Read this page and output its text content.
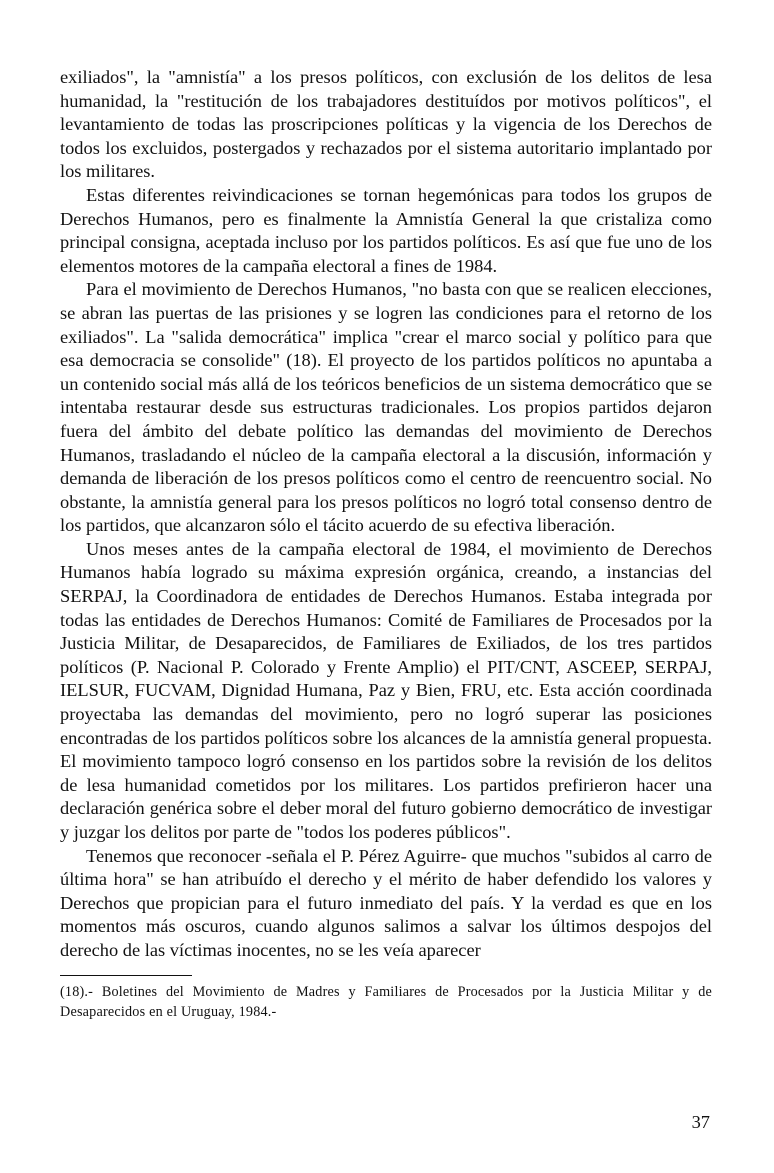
exiliados", la "amnistía" a los presos políticos, con exclusión de los delitos de lesa humanidad, la "restitución de los trabajadores destituídos por motivos políticos", el levantamiento de todas las proscripciones políticas y la vigencia de los Derechos de todos los excluidos, postergados y rechazados por el sistema autoritario implantado por los militares.

Estas diferentes reivindicaciones se tornan hegemónicas para todos los grupos de Derechos Humanos, pero es finalmente la Amnistía General la que cristaliza como principal consigna, aceptada incluso por los partidos políticos. Es así que fue uno de los elementos motores de la campaña electoral a fines de 1984.

Para el movimiento de Derechos Humanos, "no basta con que se realicen elecciones, se abran las puertas de las prisiones y se logren las condiciones para el retorno de los exiliados". La "salida democrática" implica "crear el marco social y político para que esa democracia se consolide" (18). El proyecto de los partidos políticos no apuntaba a un contenido social más allá de los teóricos beneficios de un sistema democrático que se intentaba restaurar desde sus estructuras tradicionales. Los propios partidos dejaron fuera del ámbito del debate político las demandas del movimiento de Derechos Humanos, trasladando el núcleo de la campaña electoral a la discusión, información y demanda de liberación de los presos políticos como el centro de reencuentro social. No obstante, la amnistía general para los presos políticos no logró total consenso dentro de los partidos, que alcanzaron sólo el tácito acuerdo de su efectiva liberación.

Unos meses antes de la campaña electoral de 1984, el movimiento de Derechos Humanos había logrado su máxima expresión orgánica, creando, a instancias del SERPAJ, la Coordinadora de entidades de Derechos Humanos. Estaba integrada por todas las entidades de Derechos Humanos: Comité de Familiares de Procesados por la Justicia Militar, de Desaparecidos, de Familiares de Exiliados, de los tres partidos políticos (P. Nacional P. Colorado y Frente Amplio) el PIT/CNT, ASCEEP, SERPAJ, IELSUR, FUCVAM, Dignidad Humana, Paz y Bien, FRU, etc. Esta acción coordinada proyectaba las demandas del movimiento, pero no logró superar las posiciones encontradas de los partidos políticos sobre los alcances de la amnistía general propuesta. El movimiento tampoco logró consenso en los partidos sobre la revisión de los delitos de lesa humanidad cometidos por los militares. Los partidos prefirieron hacer una declaración genérica sobre el deber moral del futuro gobierno democrático de investigar y juzgar los delitos por parte de "todos los poderes públicos".

Tenemos que reconocer -señala el P. Pérez Aguirre- que muchos "subidos al carro de última hora" se han atribuído el derecho y el mérito de haber defendido los valores y Derechos que propician para el futuro inmediato del país. Y la verdad es que en los momentos más oscuros, cuando algunos salimos a salvar los últimos despojos del derecho de las víctimas inocentes, no se les veía aparecer

(18).- Boletines del Movimiento de Madres y Familiares de Procesados por la Justicia Militar y de Desaparecidos en el Uruguay, 1984.-

37
